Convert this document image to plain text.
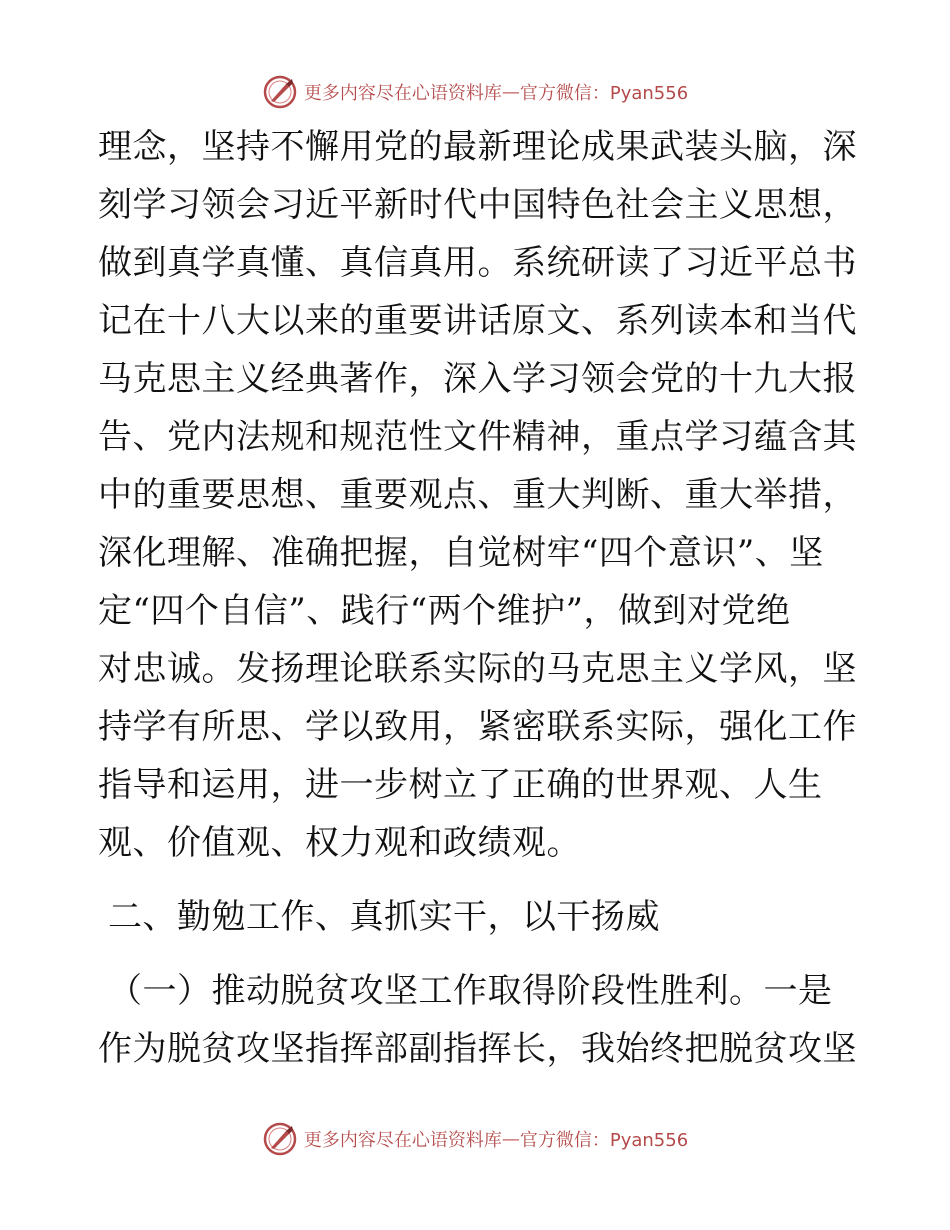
更多内容尽在心语资料库 — 官方微信：Pyan556
理念，坚持不懈用党的最新理论成果武装头脑，深
刻学习领会习近平新时代中国特色社会主义思想，
做到真学真懂、真信真用。系统研读了习近平总书
记在十八大以来的重要讲话原文、系列读本和当代
马克思主义经典著作，深入学习领会党的十九大报
告、党内法规和规范性文件精神，重点学习蕴含其
中的重要思想、重要观点、重大判断、重大举措，
深化理解、准确把握，自觉树牢“四个意识”、坚
定“四个自信”、践行“两个维护”，做到对党绝
对忠诚。发扬理论联系实际的马克思主义学风，坚
持学有所思、学以致用，紧密联系实际，强化工作
指导和运用，进一步树立了正确的世界观、人生
观、价值观、权力观和政绩观。
二、勤勉工作、真抓实干，以干扬威
（一）推动脱贫攻坚工作取得阶段性胜利。一是
作为脱贫攻坚指挥部副指挥长，我始终把脱贫攻坚
更多内容尽在心语资料库 — 官方微信：Pyan556
